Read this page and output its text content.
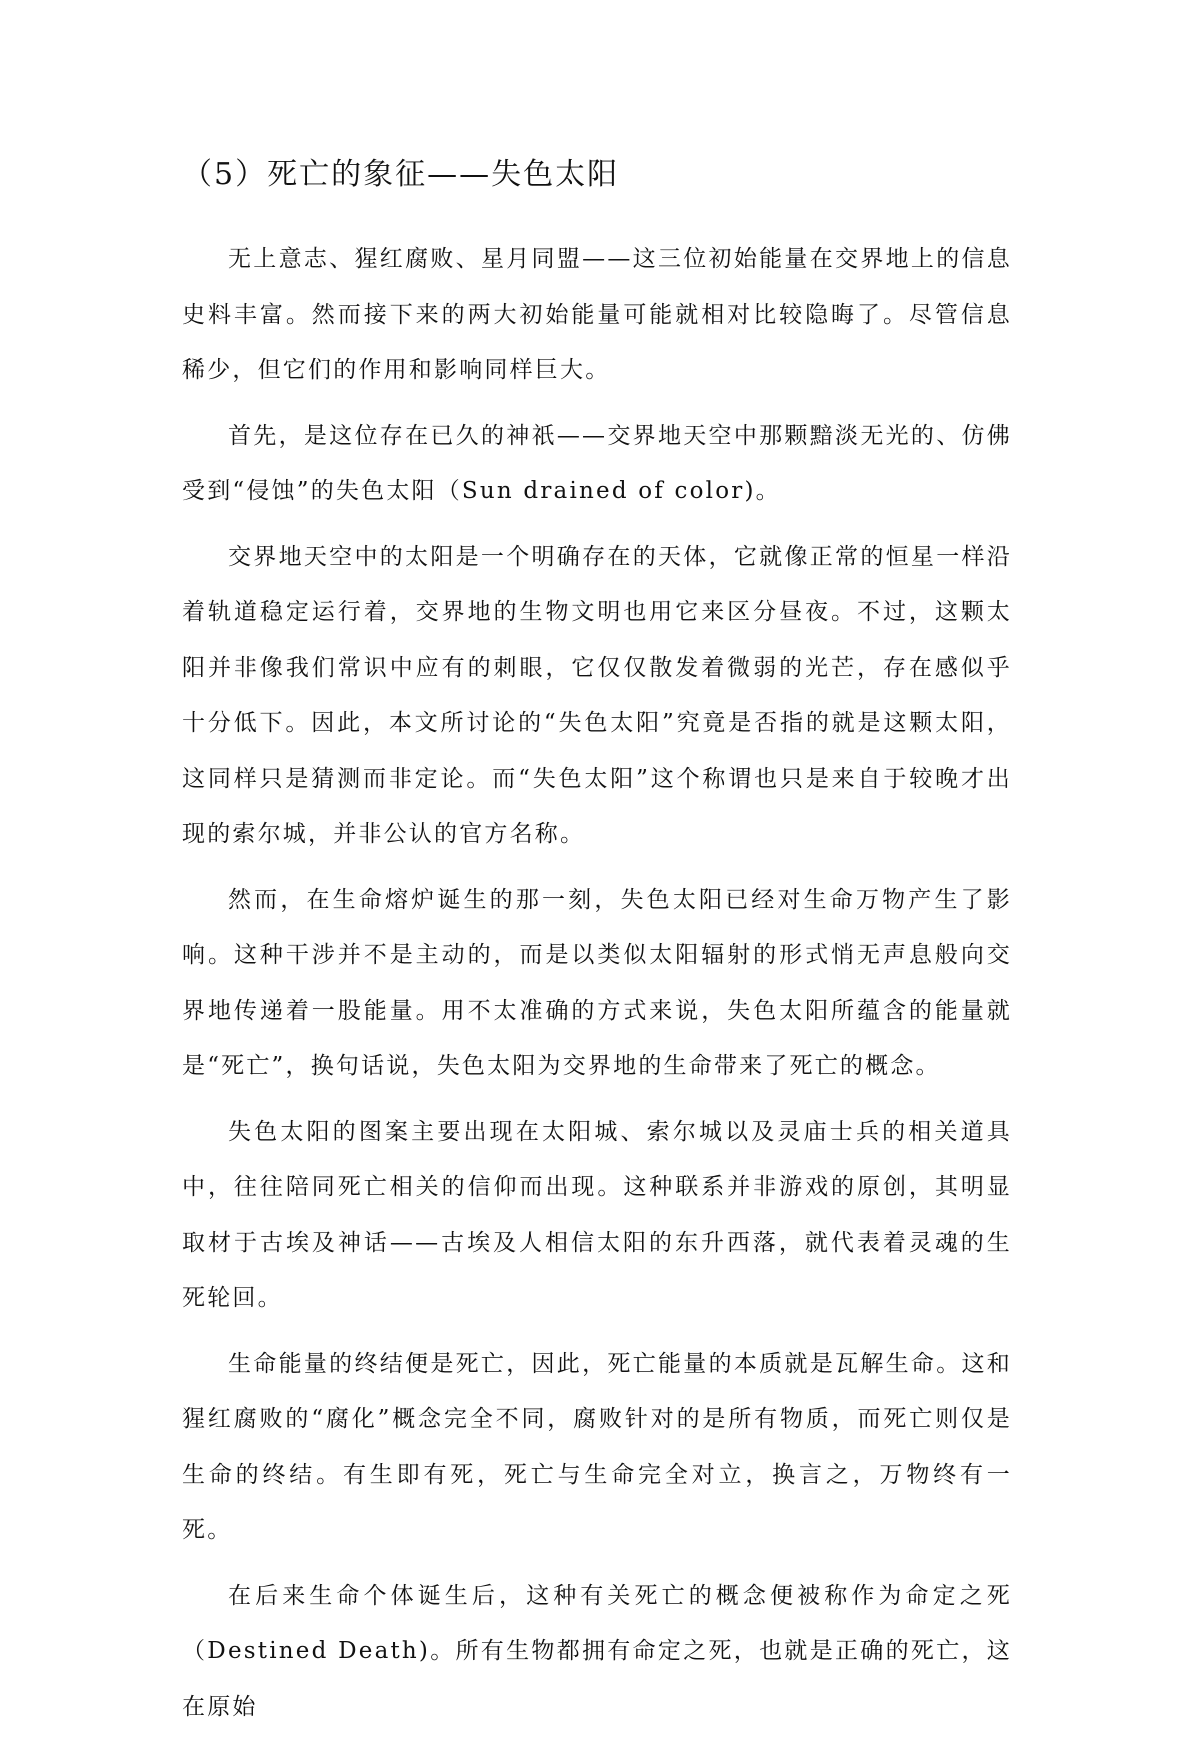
（5）死亡的象征——失色太阳

无上意志、猩红腐败、星月同盟——这三位初始能量在交界地上的信息史料丰富。然而接下来的两大初始能量可能就相对比较隐晦了。尽管信息稀少，但它们的作用和影响同样巨大。

首先，是这位存在已久的神祇——交界地天空中那颗黯淡无光的、仿佛受到“侵蚀”的失色太阳（Sun drained of color)。

交界地天空中的太阳是一个明确存在的天体，它就像正常的恒星一样沿着轨道稳定运行着，交界地的生物文明也用它来区分昼夜。不过，这颗太阳并非像我们常识中应有的刺眼，它仅仅散发着微弱的光芒，存在感似乎十分低下。因此，本文所讨论的“失色太阳”究竟是否指的就是这颗太阳，这同样只是猜测而非定论。而“失色太阳”这个称谓也只是来自于较晚才出现的索尔城，并非公认的官方名称。

然而，在生命熔炉诞生的那一刻，失色太阳已经对生命万物产生了影响。这种干涉并不是主动的，而是以类似太阳辐射的形式悄无声息般向交界地传递着一股能量。用不太准确的方式来说，失色太阳所蕴含的能量就是“死亡”，换句话说，失色太阳为交界地的生命带来了死亡的概念。

失色太阳的图案主要出现在太阳城、索尔城以及灵庙士兵的相关道具中，往往陪同死亡相关的信仰而出现。这种联系并非游戏的原创，其明显取材于古埃及神话——古埃及人相信太阳的东升西落，就代表着灵魂的生死轮回。

生命能量的终结便是死亡，因此，死亡能量的本质就是瓦解生命。这和猩红腐败的“腐化”概念完全不同，腐败针对的是所有物质，而死亡则仅是生命的终结。有生即有死，死亡与生命完全对立，换言之，万物终有一死。

在后来生命个体诞生后，这种有关死亡的概念便被称作为命定之死（Destined Death)。所有生物都拥有命定之死，也就是正确的死亡，这在原始
